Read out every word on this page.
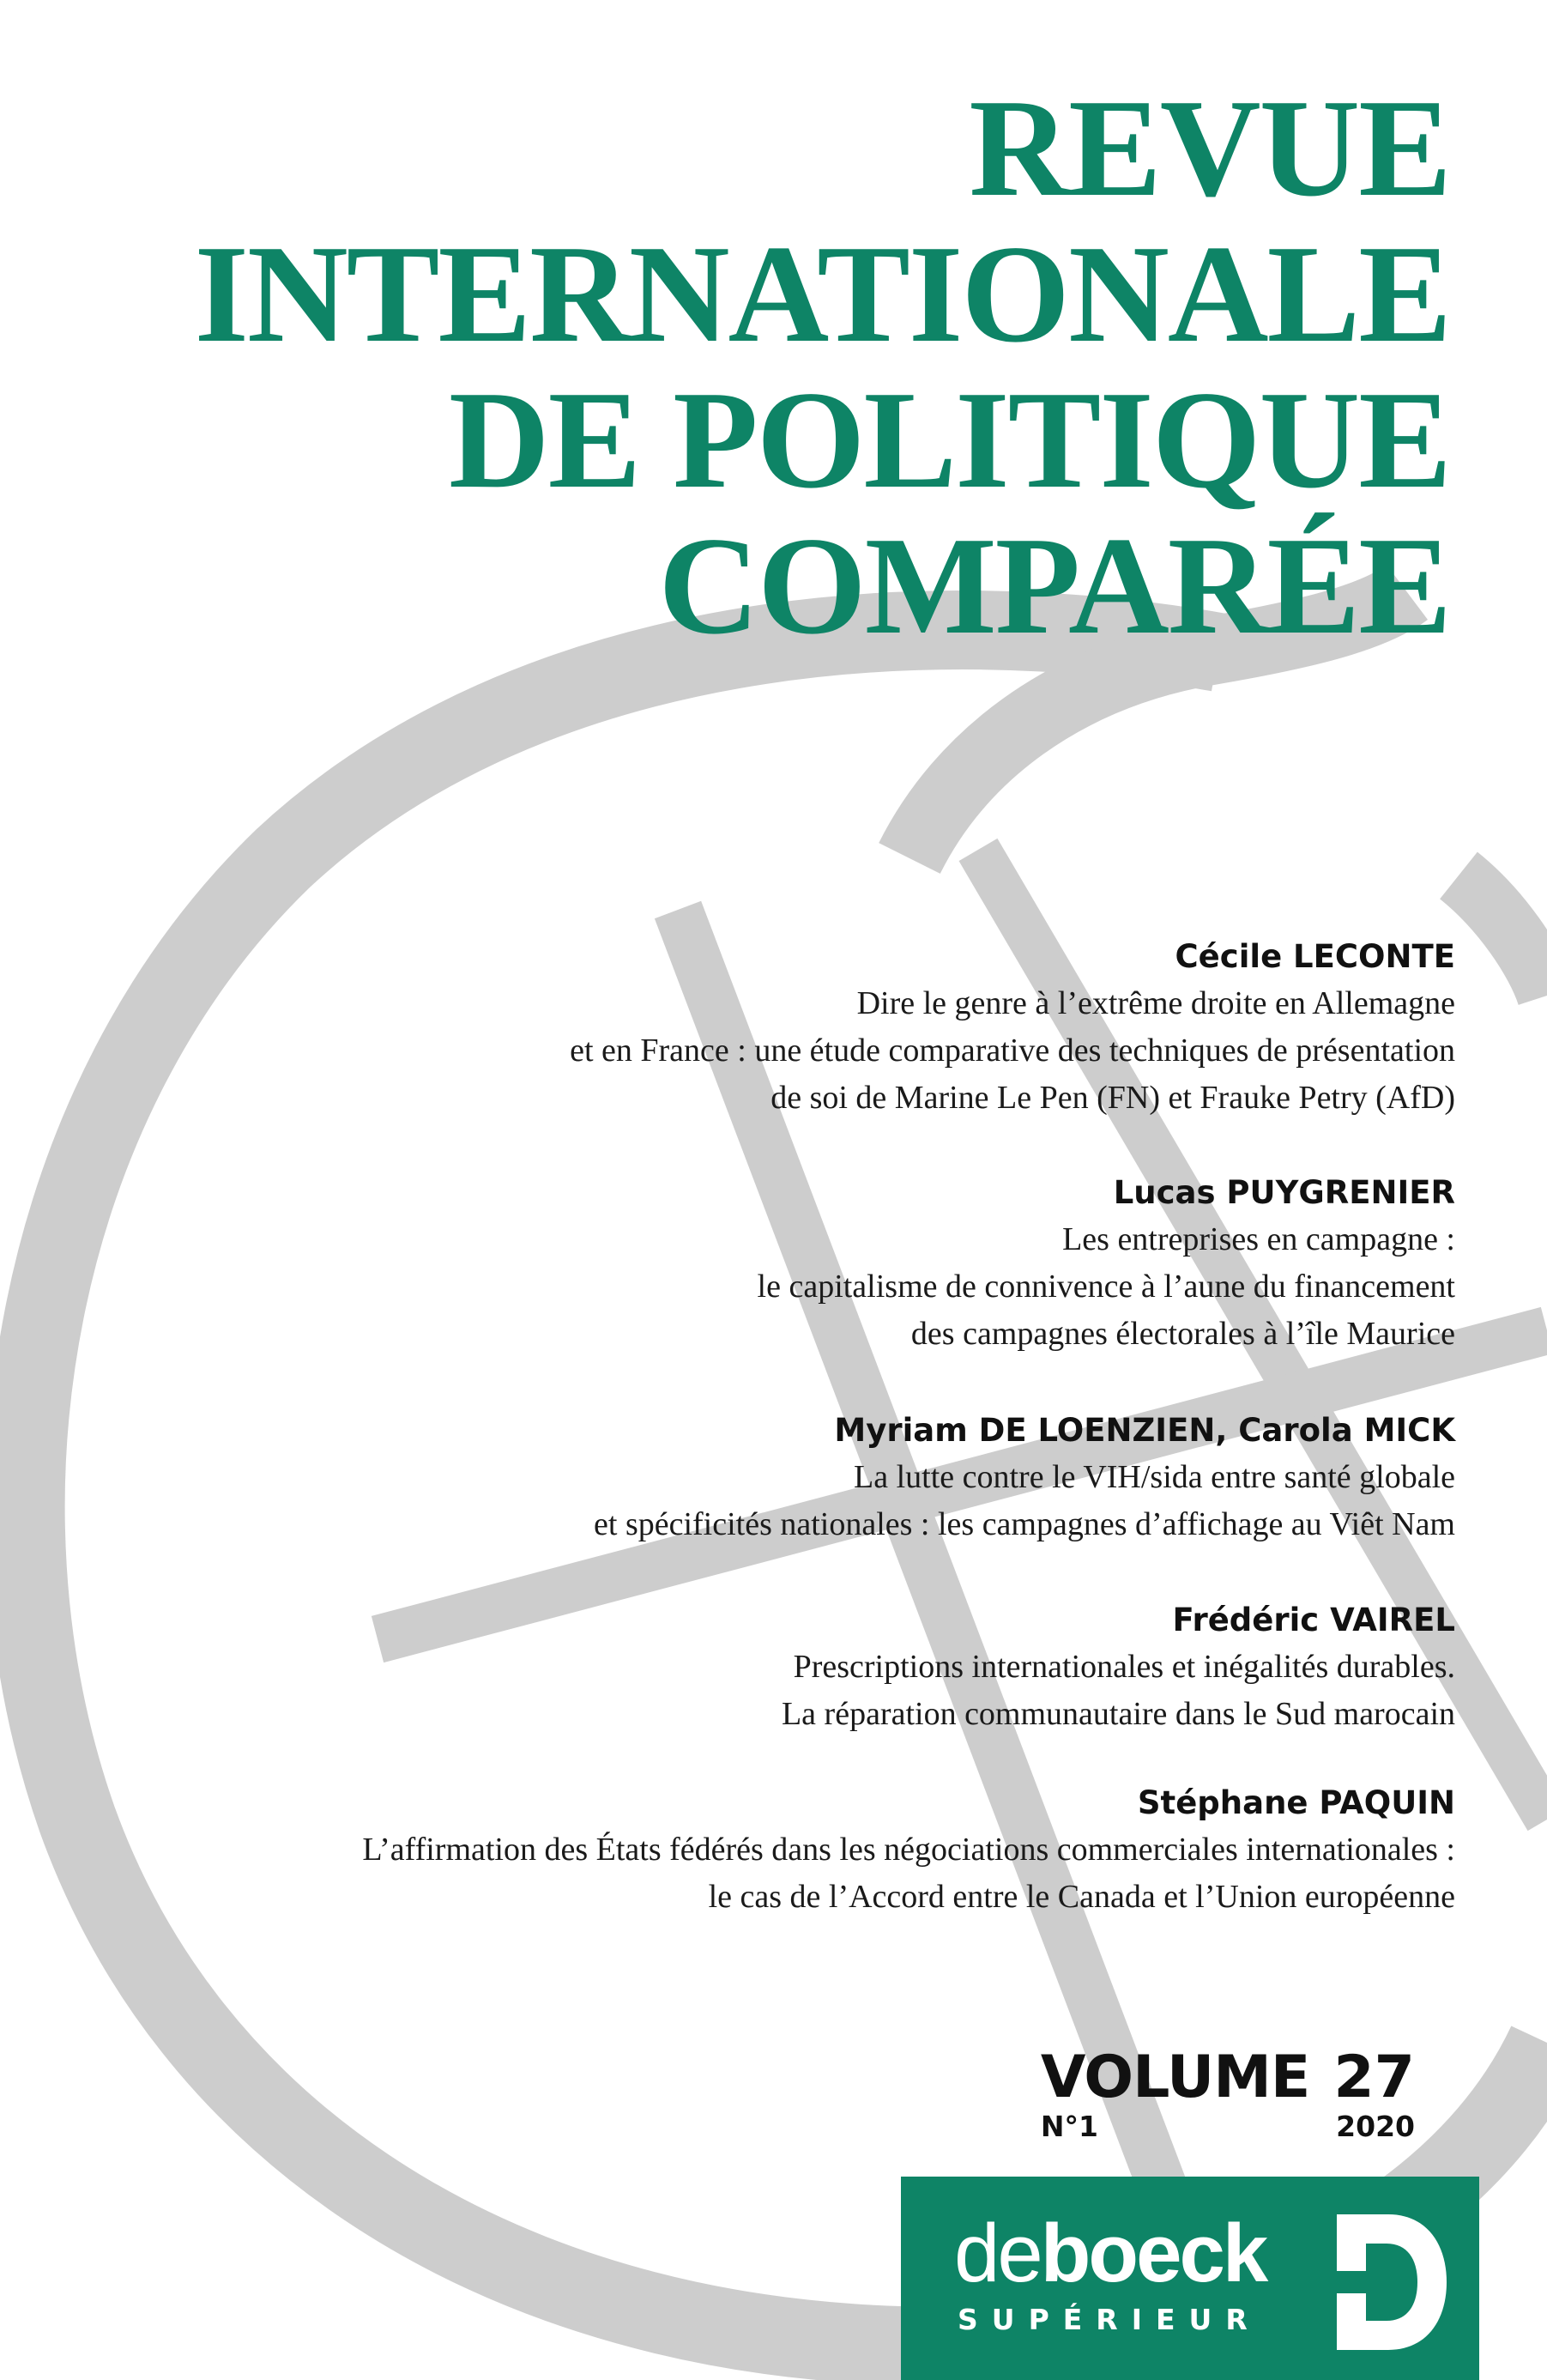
REVUE
INTERNATIONALE
DE POLITIQUE
COMPARÉE
Cécile LECONTE
Dire le genre à l’extrême droite en Allemagne
et en France : une étude comparative des techniques de présentation
de soi de Marine Le Pen (FN) et Frauke Petry (AfD)
Lucas PUYGRENIER
Les entreprises en campagne :
le capitalisme de connivence à l’aune du financement
des campagnes électorales à l’île Maurice
Myriam DE LOENZIEN, Carola MICK
La lutte contre le VIH/sida entre santé globale
et spécificités nationales : les campagnes d’affichage au Viêt Nam
Frédéric VAIREL
Prescriptions internationales et inégalités durables.
La réparation communautaire dans le Sud marocain
Stéphane PAQUIN
L’affirmation des États fédérés dans les négociations commerciales internationales :
le cas de l’Accord entre le Canada et l’Union européenne
VOLUME 27
N°1	2020
deboeck
SUPÉRIEUR
